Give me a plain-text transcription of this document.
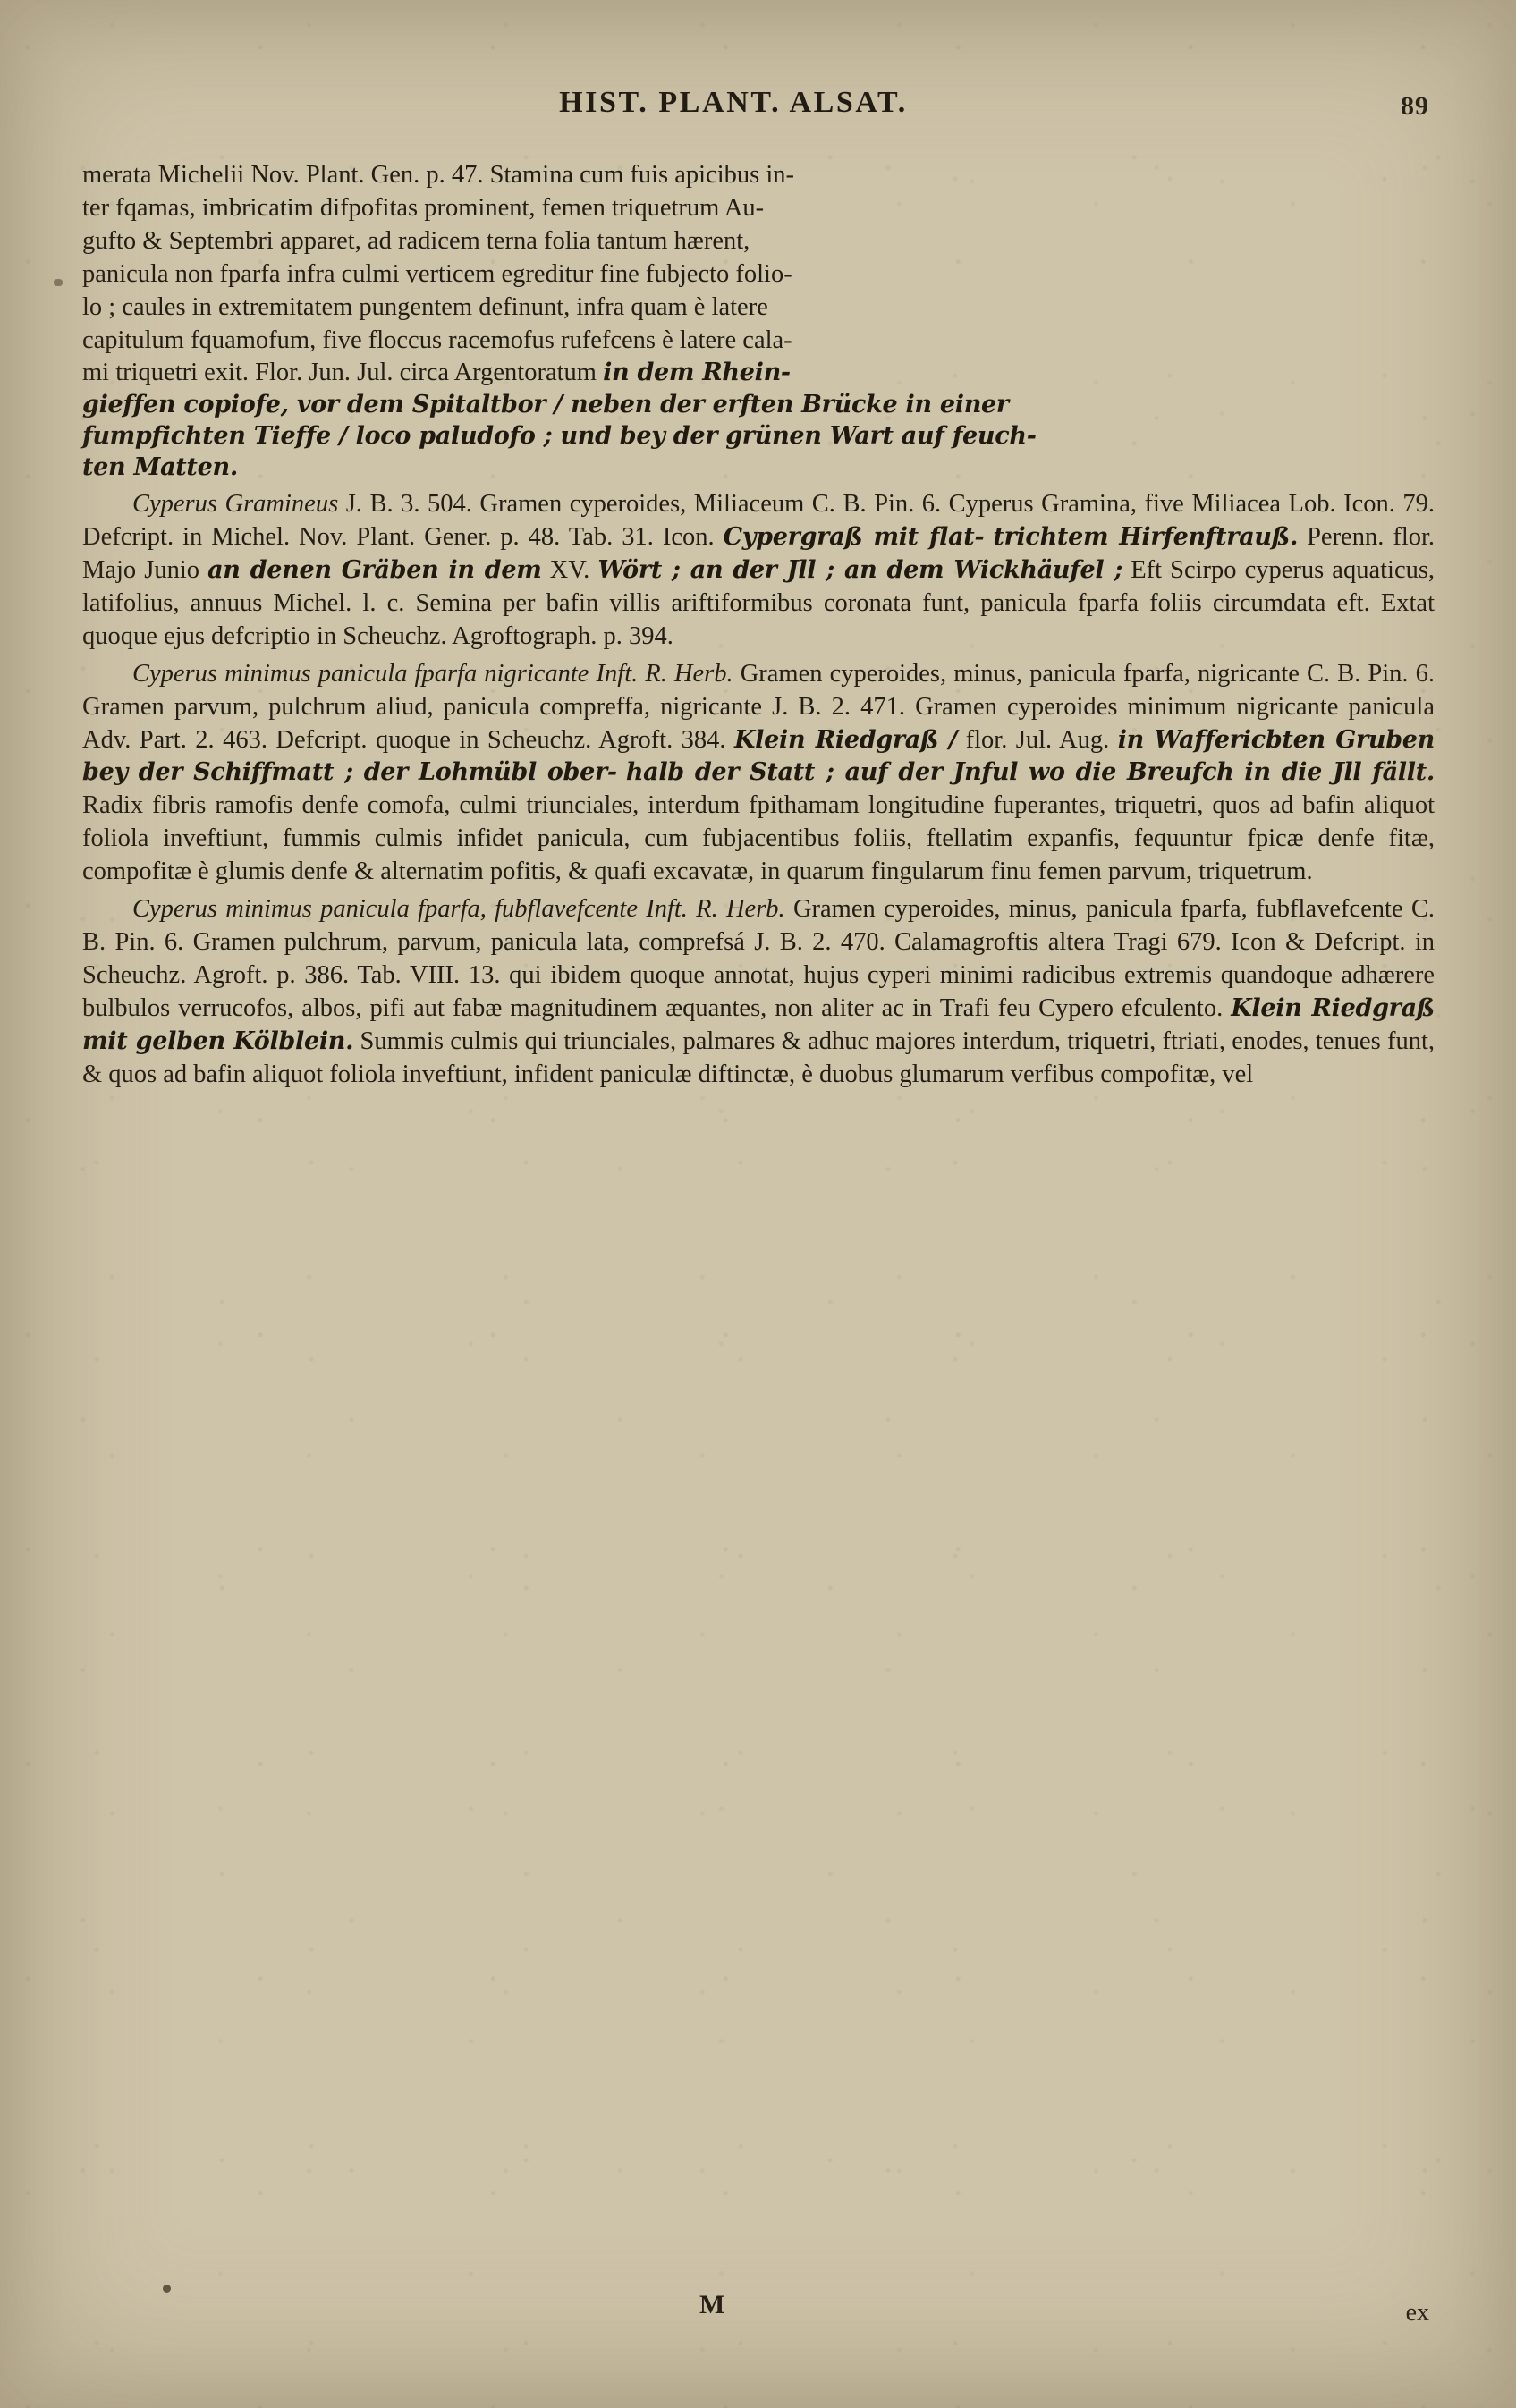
HIST. PLANT. ALSAT.	89

merata Michelii Nov. Plant. Gen. p. 47. Stamina cum fuis apicibus in-
ter fqamas, imbricatim difpofitas prominent, femen triquetrum Au-
gufto & Septembri apparet, ad radicem terna folia tantum hærent,
panicula non fparfa infra culmi verticem egreditur fine fubjecto folio-
lo ; caules in extremitatem pungentem definunt, infra quam è latere
capitulum fquamofum, five floccus racemofus rufefcens è latere cala-
mi triquetri exit. Flor. Jun. Jul. circa Argentoratum in dem Rhein-
gieffen copiofe, vor dem Spitaltbor / neben der erften Brücke in einer
fumpfichten Tieffe / loco paludofo ; und bey der grünen Wart auf feuch-
ten Matten.

Cyperus Gramineus J. B. 3. 504. Gramen cyperoides, Miliaceum C. B. Pin. 6. Cyperus Gramina, five Miliacea Lob. Icon. 79. Defcript. in Michel. Nov. Plant. Gener. p. 48. Tab. 31. Icon. Cypergraß mit flat- trichtem Hirfenftrauß. Perenn. flor. Majo Junio an denen Gräben in dem XV. Wört ; an der Jll ; an dem Wickhäufel ; Eft Scirpo cyperus aquaticus, latifolius, annuus Michel. l. c. Semina per bafin villis ariftiformibus coronata funt, panicula fparfa foliis circumdata eft. Extat quoque ejus defcriptio in Scheuchz. Agroftograph. p. 394.

Cyperus minimus panicula fparfa nigricante Inft. R. Herb. Gramen cyperoides, minus, panicula fparfa, nigricante C. B. Pin. 6. Gramen parvum, pulchrum aliud, panicula compreffa, nigricante J. B. 2. 471. Gramen cyperoides minimum nigricante panicula Adv. Part. 2. 463. Defcript. quoque in Scheuchz. Agroft. 384. Klein Riedgraß / flor. Jul. Aug. in Waffericbten Gruben bey der Schiffmatt ; der Lohmübl ober- halb der Statt ; auf der Jnful wo die Breufch in die Jll fällt. Radix fibris ramofis denfe comofa, culmi triunciales, interdum fpithamam longitudine fuperantes, triquetri, quos ad bafin aliquot foliola inveftiunt, fummis culmis infidet panicula, cum fubjacentibus foliis, ftellatim expanfis, fequuntur fpicæ denfe fitæ, compofitæ è glumis denfe & alternatim pofitis, & quafi excavatæ, in quarum fingularum finu femen parvum, triquetrum.

Cyperus minimus panicula fparfa, fubflavefcente Inft. R. Herb. Gramen cyperoides, minus, panicula fparfa, fubflavefcente C. B. Pin. 6. Gramen pulchrum, parvum, panicula lata, comprefsá J. B. 2. 470. Calamagroftis altera Tragi 679. Icon & Defcript. in Scheuchz. Agroft. p. 386. Tab. VIII. 13. qui ibidem quoque annotat, hujus cyperi minimi radicibus extremis quandoque adhærere bulbulos verrucofos, albos, pifi aut fabæ magnitudinem æquantes, non aliter ac in Trafi feu Cypero efculento. Klein Riedgraß mit gelben Kölblein. Summis culmis qui triunciales, palmares & adhuc majores interdum, triquetri, ftriati, enodes, tenues funt, & quos ad bafin aliquot foliola inveftiunt, infident paniculæ diftinctæ, è duobus glumarum verfibus compofitæ, vel

M	ex
